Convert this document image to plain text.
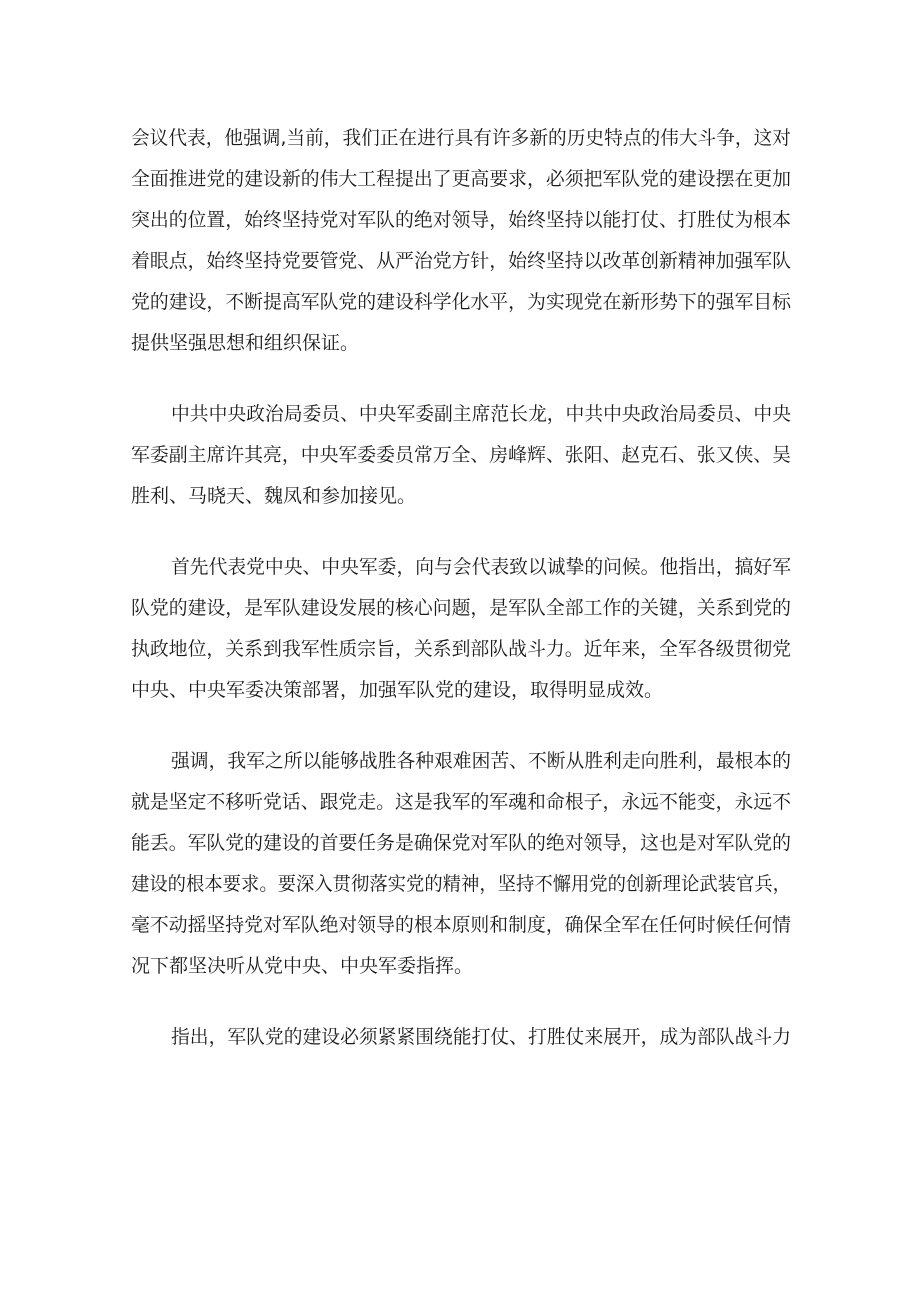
会议代表，他强调,当前，我们正在进行具有许多新的历史特点的伟大斗争，这对
全面推进党的建设新的伟大工程提出了更高要求，必须把军队党的建设摆在更加
突出的位置，始终坚持党对军队的绝对领导，始终坚持以能打仗、打胜仗为根本
着眼点，始终坚持党要管党、从严治党方针，始终坚持以改革创新精神加强军队
党的建设，不断提高军队党的建设科学化水平，为实现党在新形势下的强军目标
提供坚强思想和组织保证。
中共中央政治局委员、中央军委副主席范长龙，中共中央政治局委员、中央
军委副主席许其亮，中央军委委员常万全、房峰辉、张阳、赵克石、张又侠、吴
胜利、马晓天、魏凤和参加接见。
首先代表党中央、中央军委，向与会代表致以诚挚的问候。他指出，搞好军
队党的建设，是军队建设发展的核心问题，是军队全部工作的关键，关系到党的
执政地位，关系到我军性质宗旨，关系到部队战斗力。近年来，全军各级贯彻党
中央、中央军委决策部署，加强军队党的建设，取得明显成效。
强调，我军之所以能够战胜各种艰难困苦、不断从胜利走向胜利，最根本的
就是坚定不移听党话、跟党走。这是我军的军魂和命根子，永远不能变，永远不
能丢。军队党的建设的首要任务是确保党对军队的绝对领导，这也是对军队党的
建设的根本要求。要深入贯彻落实党的精神，坚持不懈用党的创新理论武装官兵，
毫不动摇坚持党对军队绝对领导的根本原则和制度，确保全军在任何时候任何情
况下都坚决听从党中央、中央军委指挥。
指出，军队党的建设必须紧紧围绕能打仗、打胜仗来展开，成为部队战斗力
